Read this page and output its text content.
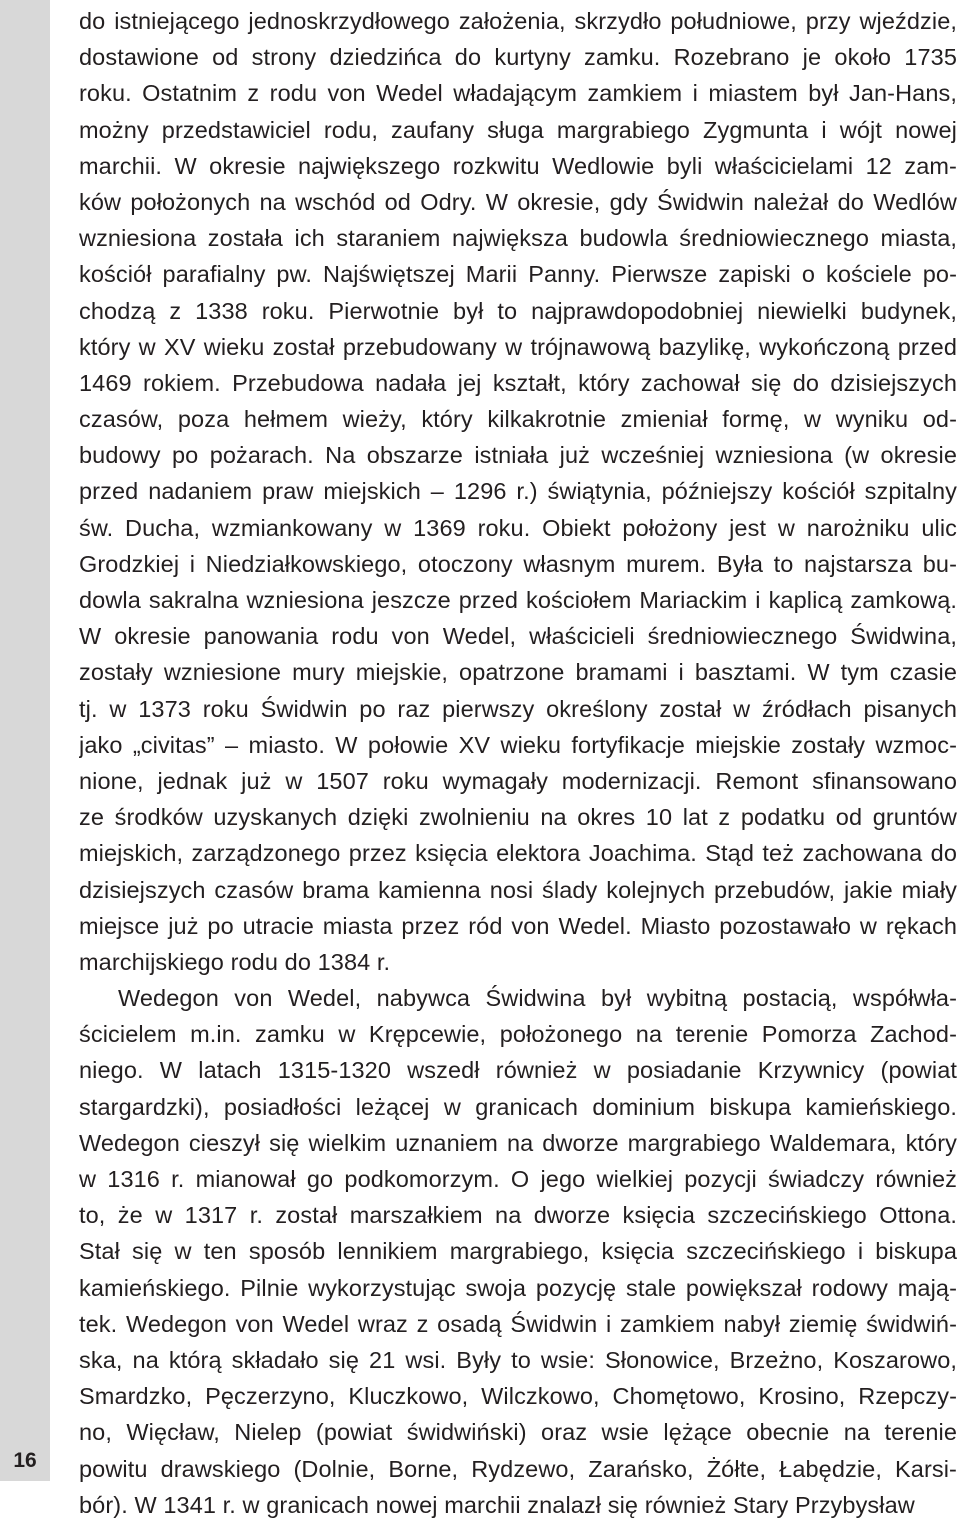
16
do istniejącego jednoskrzydłowego założenia, skrzydło południowe, przy wjeździe,
dostawione od strony dziedzińca do kurtyny zamku. Rozebrano je około 1735
roku. Ostatnim z rodu von Wedel władającym zamkiem i miastem był Jan-Hans,
możny przedstawiciel rodu, zaufany sługa margrabiego Zygmunta i wójt nowej
marchii. W okresie największego rozkwitu Wedlowie byli właścicielami 12 zam-
ków położonych na wschód od Odry. W okresie, gdy Świdwin należał do Wedlów
wzniesiona została ich staraniem największa budowla średniowiecznego miasta,
kościół parafialny pw. Najświętszej Marii Panny. Pierwsze zapiski o kościele po-
chodzą z 1338 roku. Pierwotnie był to najprawdopodobniej niewielki budynek,
który w XV wieku został przebudowany w trójnawową bazylikę, wykończoną przed
1469 rokiem. Przebudowa nadała jej kształt, który zachował się do dzisiejszych
czasów, poza hełmem wieży, który kilkakrotnie zmieniał formę, w wyniku od-
budowy po pożarach. Na obszarze istniała już wcześniej wzniesiona (w okresie
przed nadaniem praw miejskich – 1296 r.) świątynia, późniejszy kościół szpitalny
św. Ducha, wzmiankowany w 1369 roku. Obiekt położony jest w narożniku ulic
Grodzkiej i Niedziałkowskiego, otoczony własnym murem. Była to najstarsza bu-
dowla sakralna wzniesiona jeszcze przed kościołem Mariackim i kaplicą zamkową.
W okresie panowania rodu von Wedel, właścicieli średniowiecznego Świdwina,
zostały wzniesione mury miejskie, opatrzone bramami i basztami. W tym czasie
tj. w 1373 roku Świdwin po raz pierwszy określony został w źródłach pisanych
jako „civitas” – miasto. W połowie XV wieku fortyfikacje miejskie zostały wzmoc-
nione, jednak już w 1507 roku wymagały modernizacji. Remont sfinansowano
ze środków uzyskanych dzięki zwolnieniu na okres 10 lat z podatku od gruntów
miejskich, zarządzonego przez księcia elektora Joachima. Stąd też zachowana do
dzisiejszych czasów brama kamienna nosi ślady kolejnych przebudów, jakie miały
miejsce już po utracie miasta przez ród von Wedel. Miasto pozostawało w rękach
marchijskiego rodu do 1384 r.
Wedegon von Wedel, nabywca Świdwina był wybitną postacią, współwła-
ścicielem m.in. zamku w Krępcewie, położonego na terenie Pomorza Zachod-
niego. W latach 1315-1320 wszedł również w posiadanie Krzywnicy (powiat
stargardzki), posiadłości leżącej w granicach dominium biskupa kamieńskiego.
Wedegon cieszył się wielkim uznaniem na dworze margrabiego Waldemara, który
w 1316 r. mianował go podkomorzym. O jego wielkiej pozycji świadczy również
to, że w 1317 r. został marszałkiem na dworze księcia szczecińskiego Ottona.
Stał się w ten sposób lennikiem margrabiego, księcia szczecińskiego i biskupa
kamieńskiego. Pilnie wykorzystując swoja pozycję stale powiększał rodowy mają-
tek. Wedegon von Wedel wraz z osadą Świdwin i zamkiem nabył ziemię świdwiń-
ska, na którą składało się 21 wsi. Były to wsie: Słonowice, Brzeżno, Koszarowo,
Smardzko, Pęczerzyno, Kluczkowo, Wilczkowo, Chomętowo, Krosino, Rzepczy-
no, Więcław, Nielep (powiat świdwiński) oraz wsie lężące obecnie na terenie
powitu drawskiego (Dolnie, Borne, Rydzewo, Zarańsko, Żółte, Łabędzie, Karsi-
bór). W 1341 r. w granicach nowej marchii znalazł się również Stary Przybysław
